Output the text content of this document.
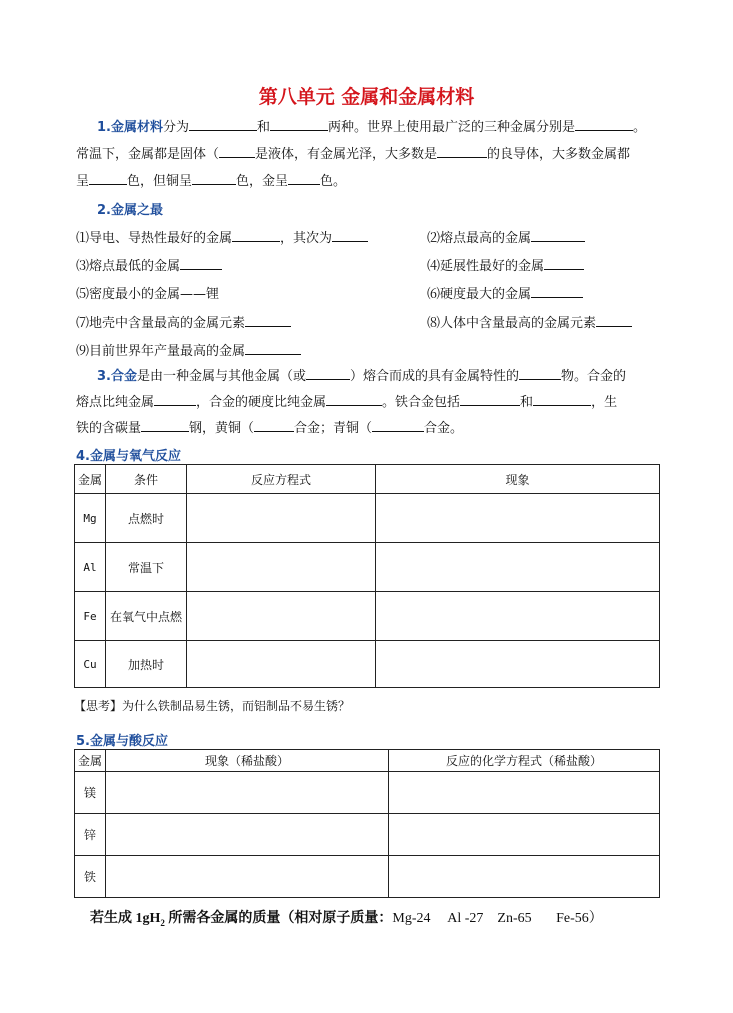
第八单元 金属和金属材料
1.金属材料分为	和	两种。世界上使用最广泛的三种金属分别是	。
常温下，金属都是固体（	是液体，有金属光泽，大多数是	的良导体，大多数金属都
呈	色，但铜呈	色，金呈 色。
2.金属之最
⑴导电、导热性最好的金属	，其次为	⑵熔点最高的金属
⑶熔点最低的金属	⑷延展性最好的金属
⑸密度最小的金属——锂	⑹硬度最大的金属
⑺地壳中含量最高的金属元素	⑻人体中含量最高的金属元素
⑼目前世界年产量最高的金属
3.合金是由一种金属与其他金属（或	）熔合而成的具有金属特性的	物。合金的
熔点比纯金属	，合金的硬度比纯金属	。铁合金包括	和	，生
铁的含碳量	钢，黄铜（	合金；青铜（	合金。
4.金属与氧气反应
金属	条件	反应方程式	现象
Mg	点燃时		
Al	常温下		
Fe	在氧气中点燃		
Cu	加热时		
【思考】为什么铁制品易生锈，而铝制品不易生锈？
5.金属与酸反应
金属	现象（稀盐酸）	反应的化学方程式（稀盐酸）
镁		
锌		
铁		
若生成 $1gH_2$ 所需各金属的质量（相对原子质量：Mg-24     Al -27    Zn-65       Fe-56）
